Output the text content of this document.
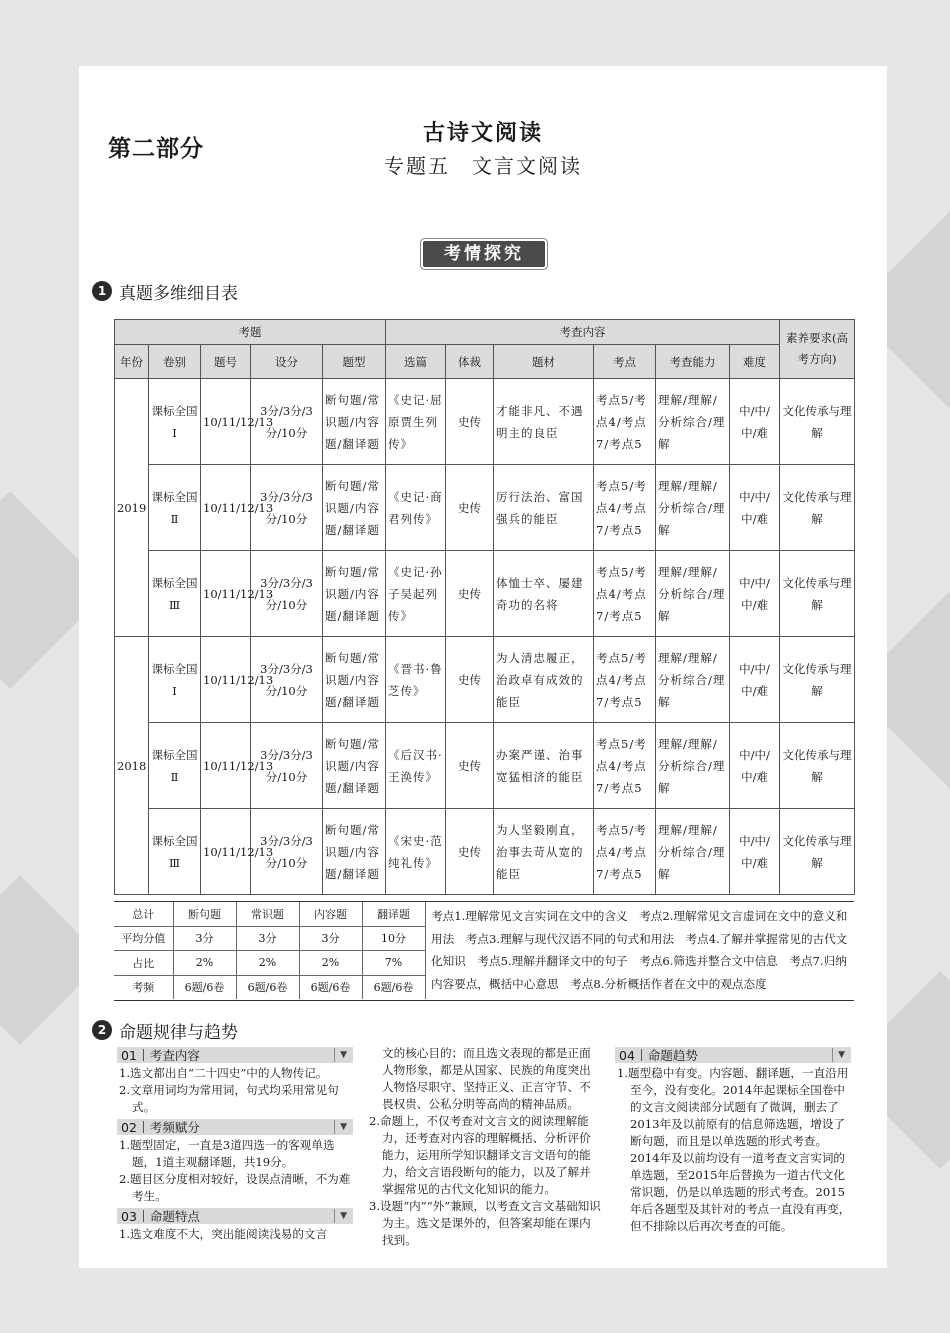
第二部分
古诗文阅读
专题五　文言文阅读
考情探究
1 真题多维细目表
考题					考查内容						素养要求(高考方向)
年份	卷别	题号	设分	题型	选篇	体裁	题材	考点	考查能力	难度	
2019	课标全国Ⅰ	10/11/12/13	3分/3分/3分/10分	断句题/常识题/内容题/翻译题	《史记·屈原贾生列传》	史传	才能非凡、不遇明主的良臣	考点5/考点4/考点7/考点5	理解/理解/分析综合/理解	中/中/中/难	文化传承与理解
	课标全国Ⅱ	10/11/12/13	3分/3分/3分/10分	断句题/常识题/内容题/翻译题	《史记·商君列传》	史传	厉行法治、富国强兵的能臣	考点5/考点4/考点7/考点5	理解/理解/分析综合/理解	中/中/中/难	文化传承与理解
	课标全国Ⅲ	10/11/12/13	3分/3分/3分/10分	断句题/常识题/内容题/翻译题	《史记·孙子吴起列传》	史传	体恤士卒、屡建奇功的名将	考点5/考点4/考点7/考点5	理解/理解/分析综合/理解	中/中/中/难	文化传承与理解
2018	课标全国Ⅰ	10/11/12/13	3分/3分/3分/10分	断句题/常识题/内容题/翻译题	《晋书·鲁芝传》	史传	为人清忠履正，治政卓有成效的能臣	考点5/考点4/考点7/考点5	理解/理解/分析综合/理解	中/中/中/难	文化传承与理解
	课标全国Ⅱ	10/11/12/13	3分/3分/3分/10分	断句题/常识题/内容题/翻译题	《后汉书·王涣传》	史传	办案严谨、治事宽猛相济的能臣	考点5/考点4/考点7/考点5	理解/理解/分析综合/理解	中/中/中/难	文化传承与理解
	课标全国Ⅲ	10/11/12/13	3分/3分/3分/10分	断句题/常识题/内容题/翻译题	《宋史·范纯礼传》	史传	为人坚毅刚直，治事去苛从宽的能臣	考点5/考点4/考点7/考点5	理解/理解/分析综合/理解	中/中/中/难	文化传承与理解
总计	断句题	常识题	内容题	翻译题
平均分值	3分	3分	3分	10分
占比	2%	2%	2%	7%
考频	6题/6卷	6题/6卷	6题/6卷	6题/6卷
考点1.理解常见文言实词在文中的含义　考点2.理解常见文言虚词在文中的意义和用法　考点3.理解与现代汉语不同的句式和用法　考点4.了解并掌握常见的古代文化知识　考点5.理解并翻译文中的句子　考点6.筛选并整合文中信息　考点7.归纳内容要点，概括中心意思　考点8.分析概括作者在文中的观点态度
2 命题规律与趋势
01 考查内容	▼
1.选文都出自“二十四史”中的人物传记。
2.文章用词均为常用词，句式均采用常见句式。
02 考频赋分	▼
1.题型固定，一直是3道四选一的客观单选题，1道主观翻译题，共19分。
2.题目区分度相对较好，设误点清晰，不为难考生。
03 命题特点	▼
1.选文难度不大，突出能阅读浅易的文言
文的核心目的；而且选文表现的都是正面人物形象，都是从国家、民族的角度突出人物恪尽职守、坚持正义、正言守节、不畏权贵、公私分明等高尚的精神品质。
2.命题上，不仅考查对文言文的阅读理解能力，还考查对内容的理解概括、分析评价能力，运用所学知识翻译文言文语句的能力，给文言语段断句的能力，以及了解并掌握常见的古代文化知识的能力。
3.设题“内”“外”兼顾，以考查文言文基础知识为主。选文是课外的，但答案却能在课内找到。
04 命题趋势	▼
1.题型稳中有变。内容题、翻译题，一直沿用至今，没有变化。2014年起课标全国卷中的文言文阅读部分试题有了微调，删去了2013年及以前原有的信息筛选题，增设了断句题，而且是以单选题的形式考查。2014年及以前均设有一道考查文言实词的单选题，至2015年后替换为一道古代文化常识题，仍是以单选题的形式考查。2015年后各题型及其针对的考点一直没有再变，但不排除以后再次考查的可能。
